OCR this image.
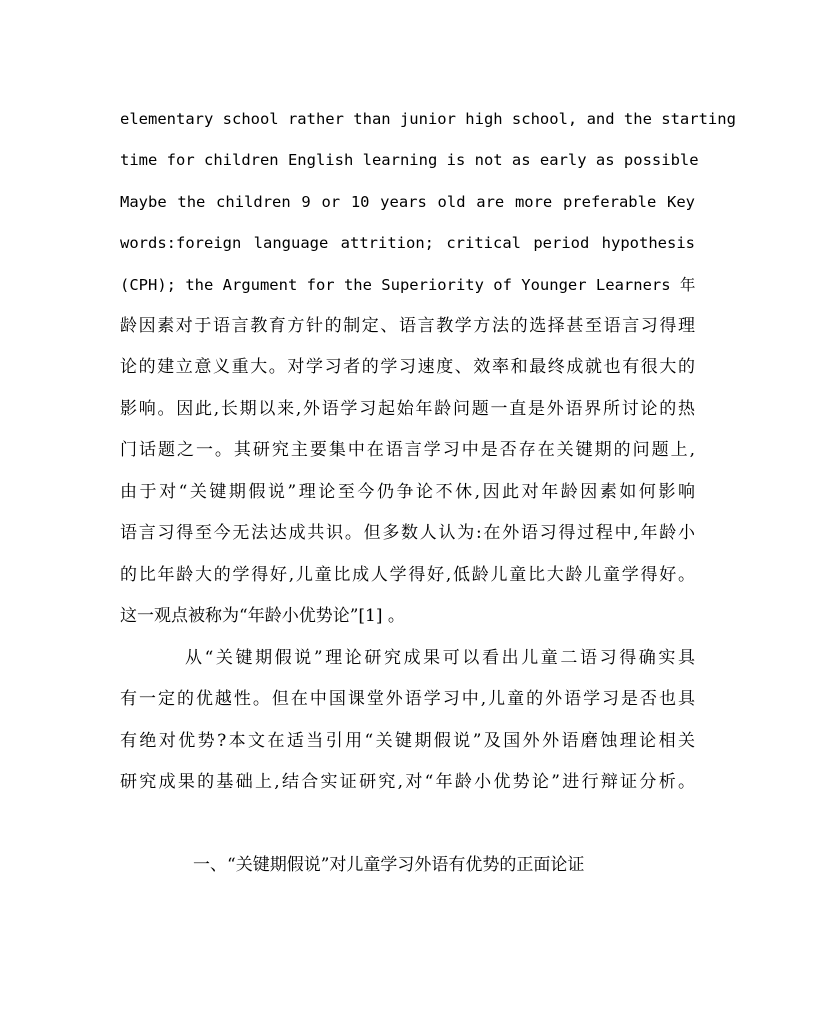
elementary school rather than junior high school, and the starting
time for children English learning is not as early as possible
Maybe the children 9 or 10 years old are more preferable Key
words:foreign language attrition; critical period hypothesis
(CPH); the Argument for the Superiority of Younger Learners 年
龄因素对于语言教育方针的制定、语言教学方法的选择甚至语言习得理
论的建立意义重大。对学习者的学习速度、效率和最终成就也有很大的
影响。因此,长期以来,外语学习起始年龄问题一直是外语界所讨论的热
门话题之一。其研究主要集中在语言学习中是否存在关键期的问题上,
由于对“关键期假说”理论至今仍争论不休,因此对年龄因素如何影响
语言习得至今无法达成共识。但多数人认为:在外语习得过程中,年龄小
的比年龄大的学得好,儿童比成人学得好,低龄儿童比大龄儿童学得好。
这一观点被称为“年龄小优势论”[1] 。
从“关键期假说”理论研究成果可以看出儿童二语习得确实具
有一定的优越性。但在中国课堂外语学习中,儿童的外语学习是否也具
有绝对优势?本文在适当引用“关键期假说”及国外外语磨蚀理论相关
研究成果的基础上,结合实证研究,对“年龄小优势论”进行辩证分析。
一、“关键期假说”对儿童学习外语有优势的正面论证
